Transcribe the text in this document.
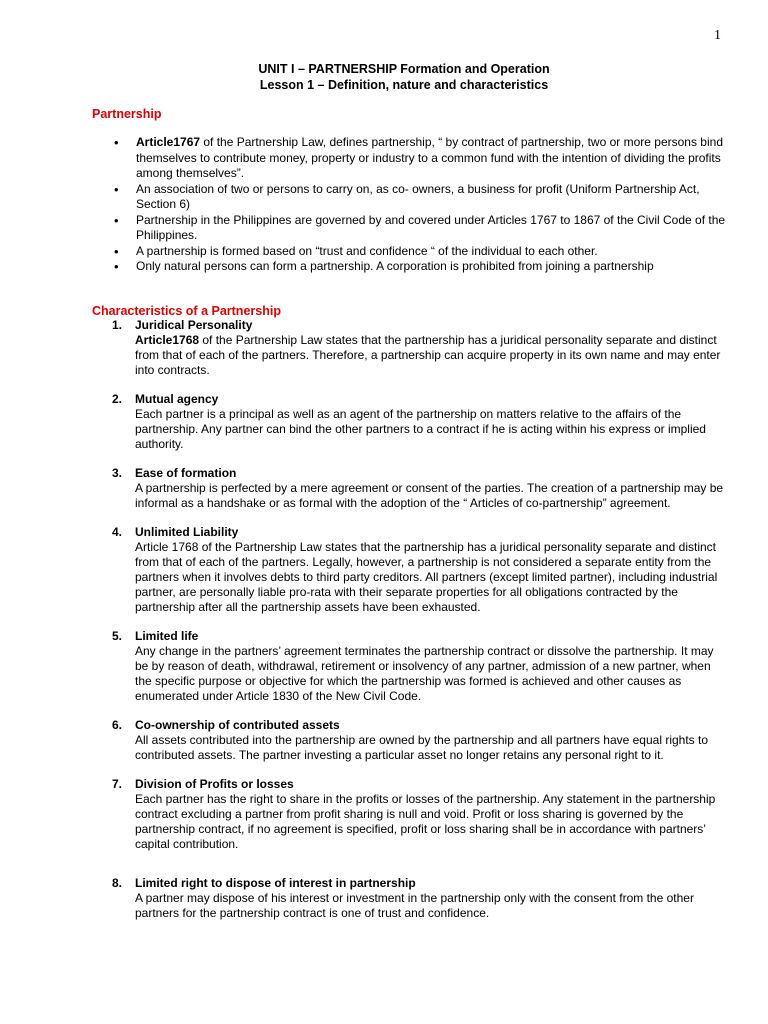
1
UNIT I – PARTNERSHIP Formation and Operation
Lesson 1 – Definition, nature and characteristics
Partnership
• Article1767 of the Partnership Law, defines partnership, “ by contract of partnership, two or more persons bind themselves to contribute money, property or industry to a common fund with the intention of dividing the profits among themselves”.
• An association of two or persons to carry on, as co- owners, a business for profit (Uniform Partnership Act, Section 6)
• Partnership in the Philippines are governed by and covered under Articles 1767 to 1867 of the Civil Code of the Philippines.
• A partnership is formed based on “trust and confidence “ of the individual to each other.
• Only natural persons can form a partnership. A corporation is prohibited from joining a partnership
Characteristics of a Partnership
1. Juridical Personality
Article1768 of the Partnership Law states that the partnership has a juridical personality separate and distinct from that of each of the partners. Therefore, a partnership can acquire property in its own name and may enter into contracts.
2. Mutual agency
Each partner is a principal as well as an agent of the partnership on matters relative to the affairs of the partnership. Any partner can bind the other partners to a contract if he is acting within his express or implied authority.
3. Ease of formation
A partnership is perfected by a mere agreement or consent of the parties. The creation of a partnership may be informal as a handshake or as formal with the adoption of the “ Articles of co-partnership” agreement.
4. Unlimited Liability
Article 1768 of the Partnership Law states that the partnership has a juridical personality separate and distinct from that of each of the partners. Legally, however, a partnership is not considered a separate entity from the partners when it involves debts to third party creditors. All partners (except limited partner), including industrial partner, are personally liable pro-rata with their separate properties for all obligations contracted by the partnership after all the partnership assets have been exhausted.
5. Limited life
Any change in the partners’ agreement terminates the partnership contract or dissolve the partnership. It may be by reason of death, withdrawal, retirement or insolvency of any partner, admission of a new partner, when the specific purpose or objective for which the partnership was formed is achieved and other causes as enumerated under Article 1830 of the New Civil Code.
6. Co-ownership of contributed assets
All assets contributed into the partnership are owned by the partnership and all partners have equal rights to contributed assets. The partner investing a particular asset no longer retains any personal right to it.
7. Division of Profits or losses
Each partner has the right to share in the profits or losses of the partnership. Any statement in the partnership contract excluding a partner from profit sharing is null and void. Profit or loss sharing is governed by the partnership contract, if no agreement is specified, profit or loss sharing shall be in accordance with partners’ capital contribution.
8. Limited right to dispose of interest in partnership
A partner may dispose of his interest or investment in the partnership only with the consent from the other partners for the partnership contract is one of trust and confidence.
